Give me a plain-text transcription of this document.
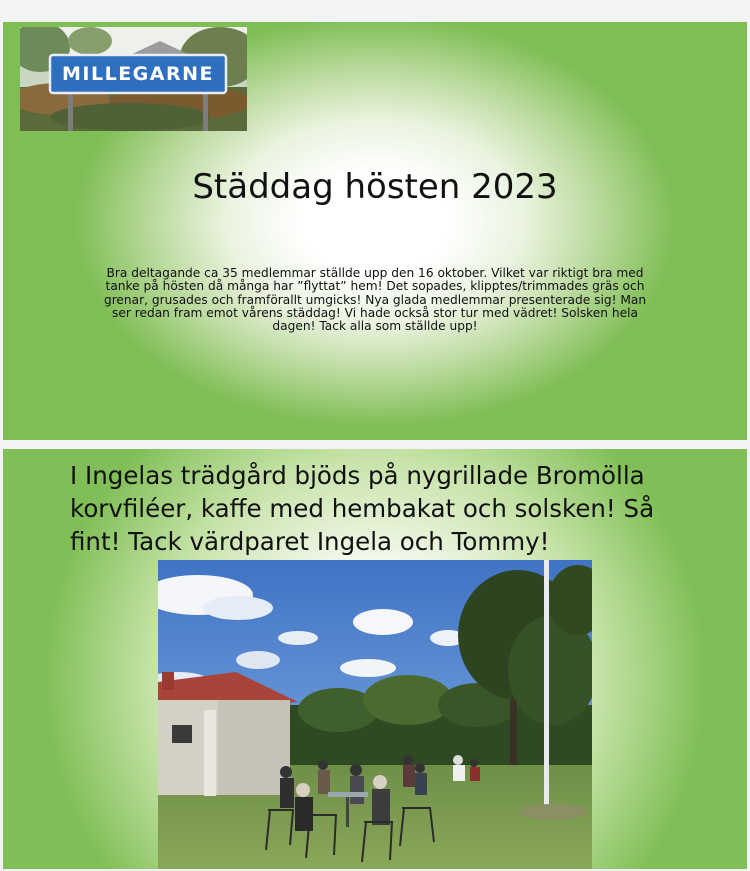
MILLEGARNE
Städdag hösten 2023

Bra deltagande ca 35 medlemmar ställde upp den 16 oktober. Vilket var riktigt bra med tanke på hösten då många har ”flyttat” hem! Det sopades, klipptes/trimmades gräs och grenar, grusades och framförallt umgicks! Nya glada medlemmar presenterade sig! Man ser redan fram emot vårens städdag! Vi hade också stor tur med vädret! Solsken hela dagen! Tack alla som ställde upp!

I Ingelas trädgård bjöds på nygrillade Bromölla korvfiléer, kaffe med hembakat och solsken! Så fint! Tack värdparet Ingela och Tommy!
